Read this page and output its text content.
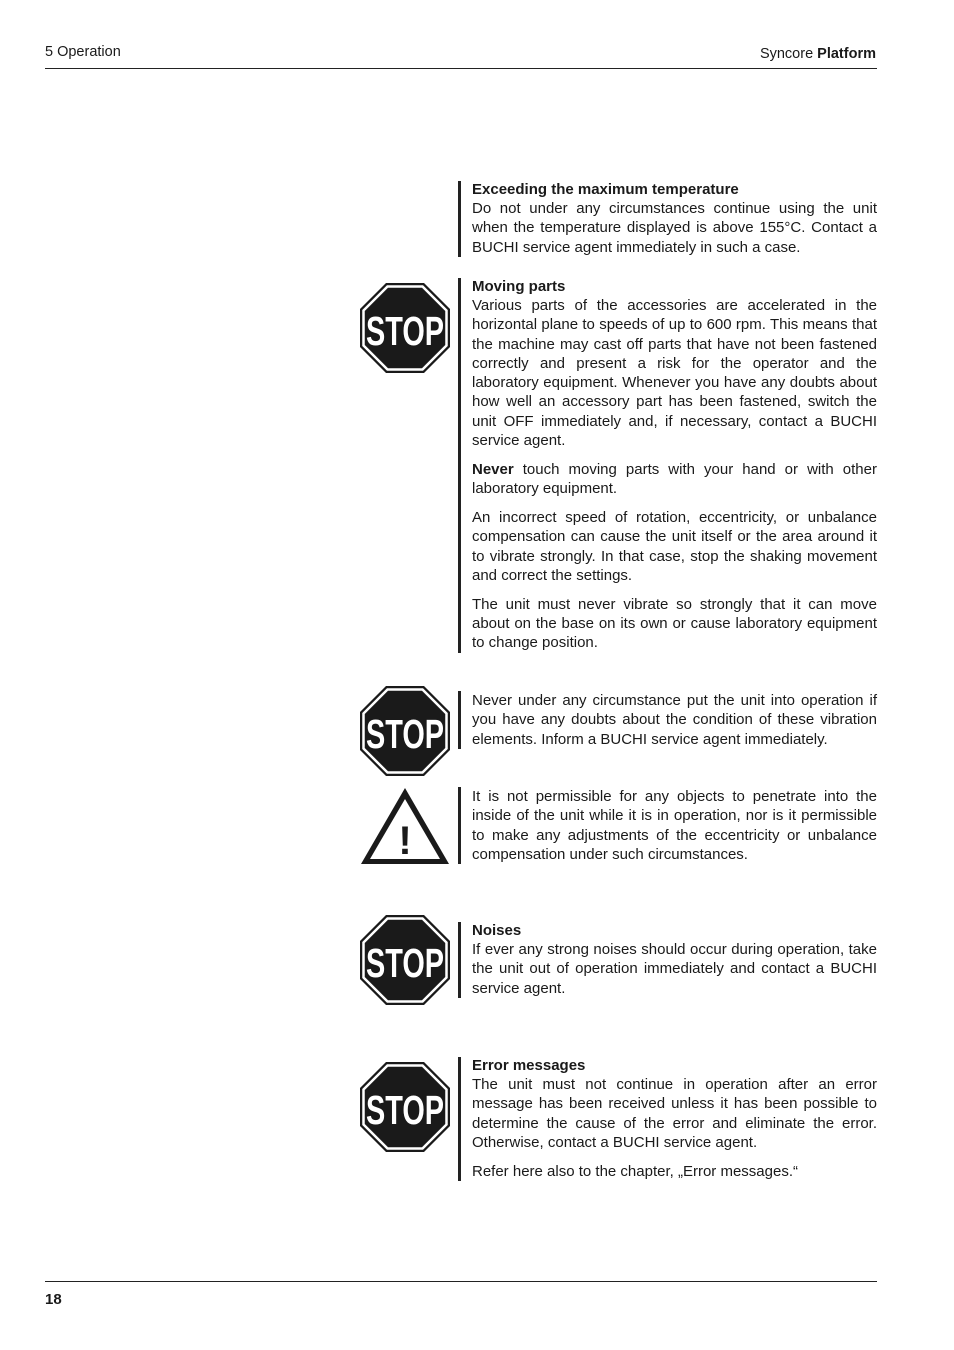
5 Operation	Syncore Platform
Exceeding the maximum temperature

Do not under any circumstances continue using the unit when the temperature displayed is above 155°C. Contact a BUCHI service agent immediately in such a case.

STOP
Moving parts

Various parts of the accessories are accelerated in the horizontal plane to speeds of up to 600 rpm. This means that the machine may cast off parts that have not been fastened correctly and present a risk for the operator and the laboratory equipment. Whenever you have any doubts about how well an accessory part has been fastened, switch the unit OFF immediately and, if necessary, contact a BUCHI service agent.

Never touch moving parts with your hand or with other laboratory equipment.

An incorrect speed of rotation, eccentricity, or unbalance compensation can cause the unit itself or the area around it to vibrate strongly. In that case, stop the shaking movement and correct the settings.

The unit must never vibrate so strongly that it can move about on the base on its own or cause laboratory equipment to change position.

STOP

Never under any circumstance put the unit into operation if you have any doubts about the condition of these vibration elements. Inform a BUCHI service agent immediately.

!

It is not permissible for any objects to penetrate into the inside of the unit while it is in operation, nor is it permissible to make any adjustments of the eccentricity or unbalance compensation under such circumstances.

STOP
Noises

If ever any strong noises should occur during operation, take the unit out of operation immediately and contact a BUCHI service agent.

STOP
Error messages

The unit must not continue in operation after an error message has been received unless it has been possible to determine the cause of the error and eliminate the error. Otherwise, contact a BUCHI service agent.

Refer here also to the chapter, „Error messages.“

18
